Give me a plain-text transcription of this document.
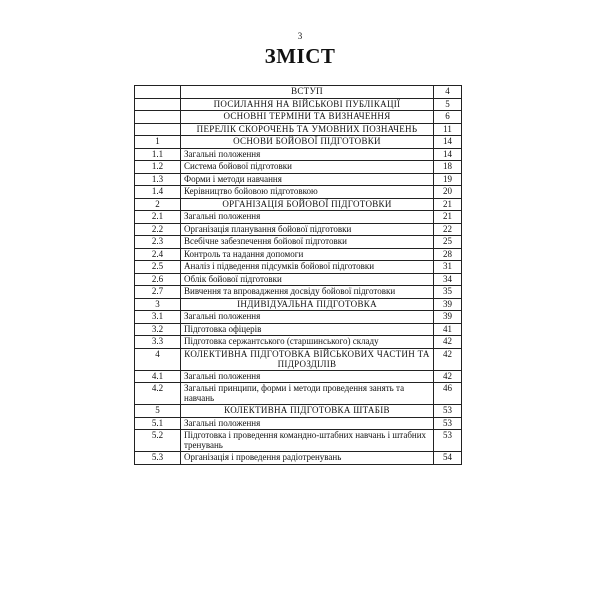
3
ЗМІСТ
	ВСТУП	4
	ПОСИЛАННЯ НА ВІЙСЬКОВІ ПУБЛІКАЦІЇ	5
	ОСНОВНІ ТЕРМІНИ ТА ВИЗНАЧЕННЯ	6
	ПЕРЕЛІК СКОРОЧЕНЬ ТА УМОВНИХ ПОЗНАЧЕНЬ	11
1	ОСНОВИ БОЙОВОЇ ПІДГОТОВКИ	14
1.1	Загальні положення	14
1.2	Система бойової підготовки	18
1.3	Форми і методи навчання	19
1.4	Керівництво бойовою підготовкою	20
2	ОРГАНІЗАЦІЯ БОЙОВОЇ ПІДГОТОВКИ	21
2.1	Загальні положення	21
2.2	Організація планування бойової підготовки	22
2.3	Всебічне забезпечення бойової підготовки	25
2.4	Контроль та надання допомоги	28
2.5	Аналіз і підведення підсумків бойової підготовки	31
2.6	Облік бойової підготовки	34
2.7	Вивчення та впровадження досвіду бойової підготовки	35
3	ІНДИВІДУАЛЬНА ПІДГОТОВКА	39
3.1	Загальні положення	39
3.2	Підготовка офіцерів	41
3.3	Підготовка сержантського (старшинського) складу	42
4	КОЛЕКТИВНА ПІДГОТОВКА ВІЙСЬКОВИХ ЧАСТИН ТА ПІДРОЗДІЛІВ	42
4.1	Загальні положення	42
4.2	Загальні принципи, форми і методи проведення занять та навчань	46
5	КОЛЕКТИВНА ПІДГОТОВКА ШТАБІВ	53
5.1	Загальні положення	53
5.2	Підготовка і проведення командно-штабних навчань і штабних тренувань	53
5.3	Організація і проведення радіотренувань	54
